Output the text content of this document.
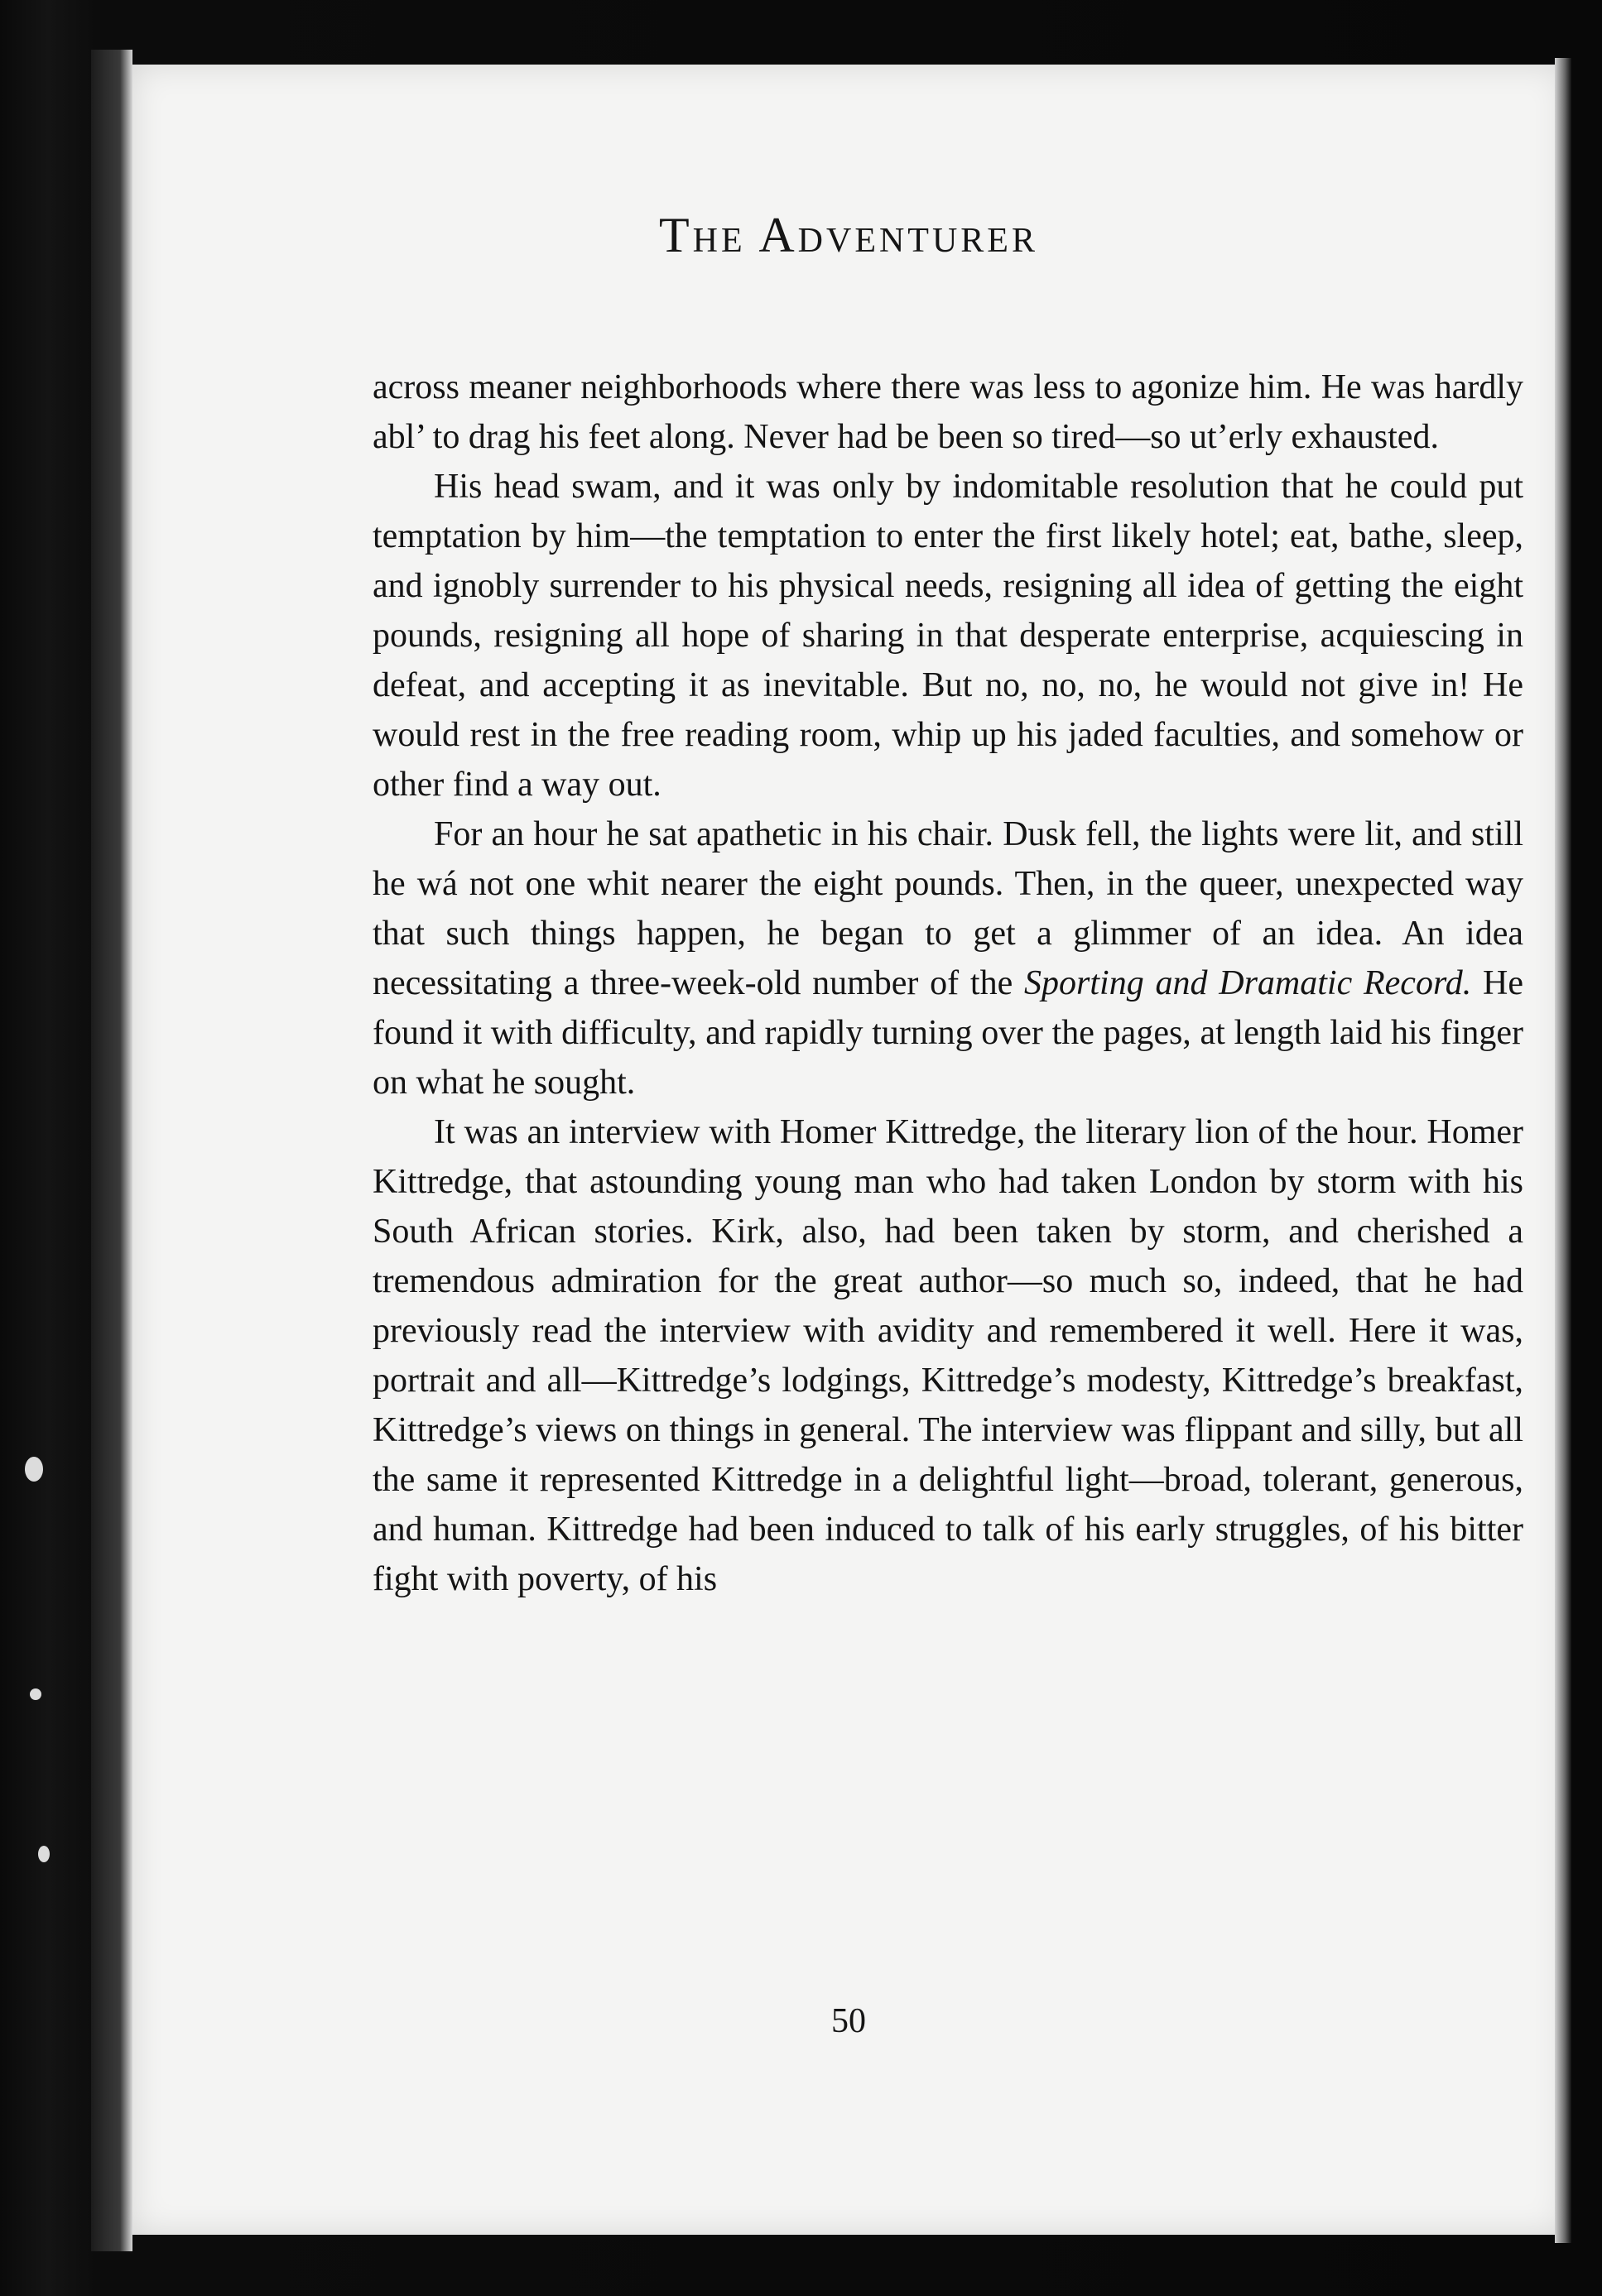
The Adventurer

across meaner neighborhoods where there was less to agonize him. He was hardly abl’ to drag his feet along. Never had be been so tired—so ut’erly exhausted.

His head swam, and it was only by indomitable resolution that he could put temptation by him—the temptation to enter the first likely hotel; eat, bathe, sleep, and ignobly surrender to his physical needs, resigning all idea of getting the eight pounds, resigning all hope of sharing in that desperate enterprise, acquiescing in defeat, and accepting it as inevitable. But no, no, no, he would not give in! He would rest in the free reading room, whip up his jaded faculties, and somehow or other find a way out.

For an hour he sat apathetic in his chair. Dusk fell, the lights were lit, and still he wá not one whit nearer the eight pounds. Then, in the queer, unexpected way that such things happen, he began to get a glimmer of an idea. An idea necessitating a three-week-old number of the Sporting and Dramatic Record. He found it with difficulty, and rapidly turning over the pages, at length laid his finger on what he sought.

It was an interview with Homer Kittredge, the literary lion of the hour. Homer Kittredge, that astounding young man who had taken London by storm with his South African stories. Kirk, also, had been taken by storm, and cherished a tremendous admiration for the great author—so much so, indeed, that he had previously read the interview with avidity and remembered it well. Here it was, portrait and all—Kittredge’s lodgings, Kittredge’s modesty, Kittredge’s breakfast, Kittredge’s views on things in general. The interview was flippant and silly, but all the same it represented Kittredge in a delightful light—broad, tolerant, generous, and human. Kittredge had been induced to talk of his early struggles, of his bitter fight with poverty, of his

50
